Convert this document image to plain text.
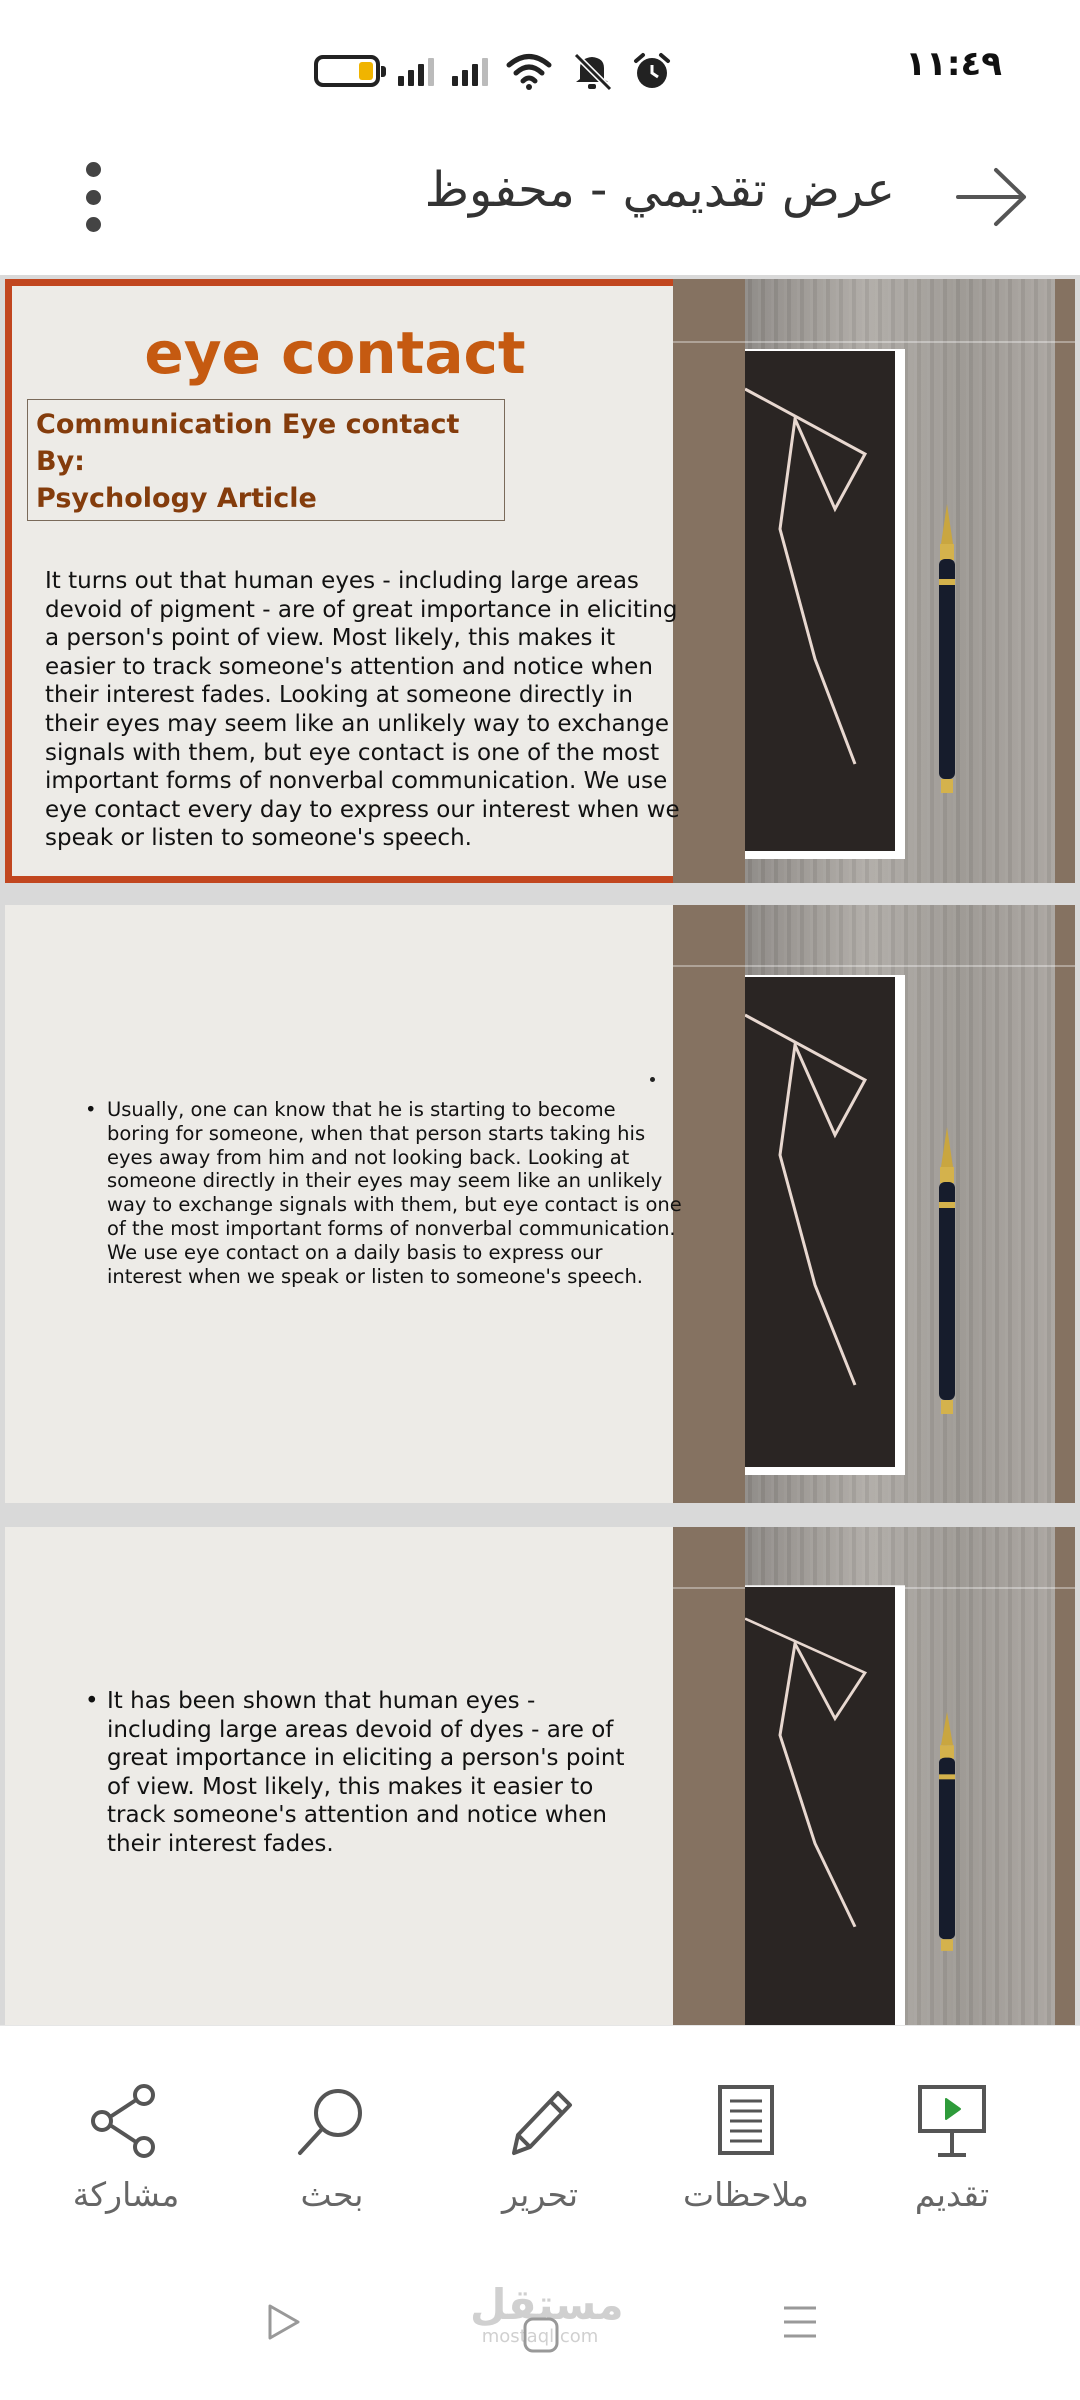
١١:٤٩
عرض تقديمي - محفوظ
eye contact
Communication Eye contact
By:
Psychology Article
It turns out that human eyes - including large areas devoid of pigment - are of great importance in eliciting a person's point of view. Most likely, this makes it easier to track someone's attention and notice when their interest fades. Looking at someone directly in their eyes may seem like an unlikely way to exchange signals with them, but eye contact is one of the most important forms of nonverbal communication. We use eye contact every day to express our interest when we speak or listen to someone's speech.
• Usually, one can know that he is starting to become boring for someone, when that person starts taking his eyes away from him and not looking back. Looking at someone directly in their eyes may seem like an unlikely way to exchange signals with them, but eye contact is one of the most important forms of nonverbal communication. We use eye contact on a daily basis to express our interest when we speak or listen to someone's speech.
• It has been shown that human eyes - including large areas devoid of dyes - are of great importance in eliciting a person's point of view. Most likely, this makes it easier to track someone's attention and notice when their interest fades.
مشاركة	بحث	تحرير	ملاحظات	تقديم
مستقل
mostaql.com
